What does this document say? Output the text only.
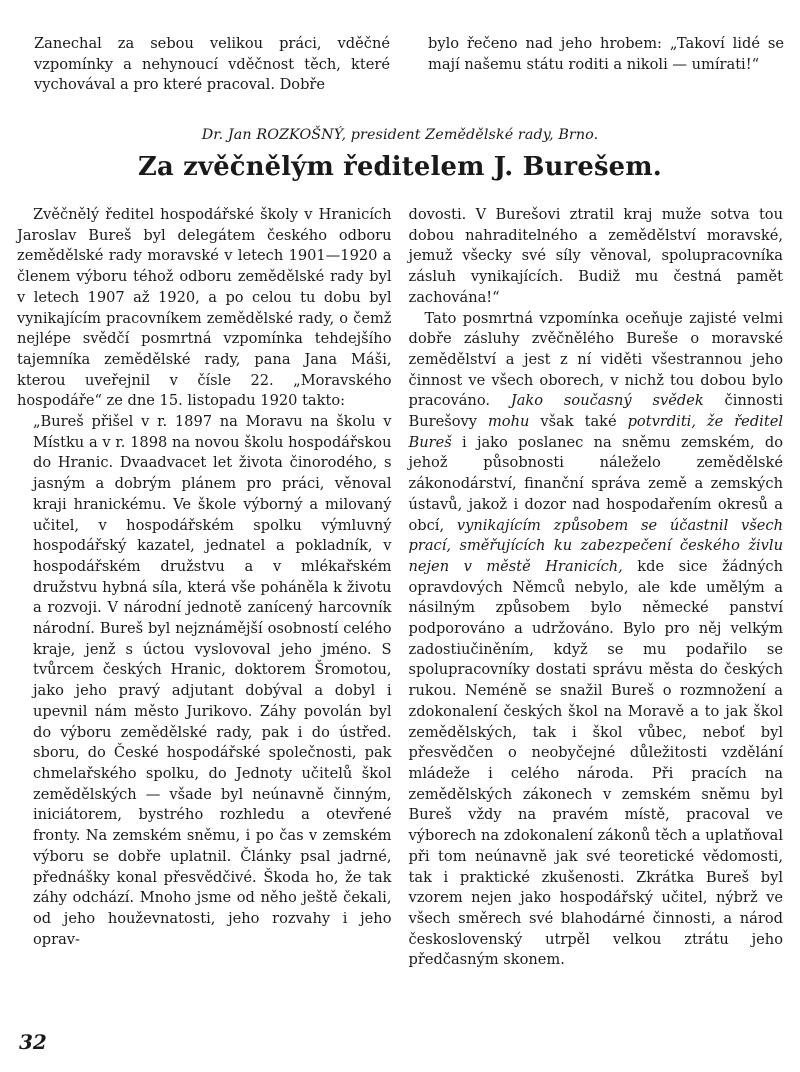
Zanechal za sebou velikou práci, vděčné vzpomínky a nehynoucí vděčnost těch, které vychovával a pro které pracoval. Dobře

bylo řečeno nad jeho hrobem: „Takoví lidé se mají našemu státu roditi a nikoli — umírati!“

Dr. Jan ROZKOŠNÝ, president Zemědělské rady, Brno.
Za zvěčnělým ředitelem J. Burešem.

Zvěčnělý ředitel hospodářské školy v Hranicích Jaroslav Bureš byl delegátem českého odboru zemědělské rady moravské v letech 1901—1920 a členem výboru téhož odboru zemědělské rady byl v letech 1907 až 1920, a po celou tu dobu byl vynikajícím pracovníkem zemědělské rady, o čemž nejlépe svědčí posmrtná vzpomínka tehdejšího tajemníka zemědělské rady, pana Jana Máši, kterou uveřejnil v čísle 22. „Moravského hospodáře“ ze dne 15. listopadu 1920 takto:

„Bureš přišel v r. 1897 na Moravu na školu v Místku a v r. 1898 na novou školu hospodářskou do Hranic. Dvaadvacet let života činorodého, s jasným a dobrým plánem pro práci, věnoval kraji hranickému. Ve škole výborný a milovaný učitel, v hospodářském spolku výmluvný hospodářský kazatel, jednatel a pokladník, v hospodářském družstvu a v mlékařském družstvu hybná síla, která vše poháněla k životu a rozvoji. V národní jednotě zanícený harcovník národní. Bureš byl nejznámější osobností celého kraje, jenž s úctou vyslovoval jeho jméno. S tvůrcem českých Hranic, doktorem Šromotou, jako jeho pravý adjutant dobýval a dobyl i upevnil nám město Jurikovo. Záhy povolán byl do výboru zemědělské rady, pak i do ústřed. sboru, do České hospodářské společnosti, pak chmelařského spolku, do Jednoty učitelů škol zemědělských — všade byl neúnavně činným, iniciátorem, bystrého rozhledu a otevřené fronty. Na zemském sněmu, i po čas v zemském výboru se dobře uplatnil. Články psal jadrné, přednášky konal přesvědčivé. Škoda ho, že tak záhy odchází. Mnoho jsme od něho ještě čekali, od jeho houževnatosti, jeho rozvahy i jeho oprav-

dovosti. V Burešovi ztratil kraj muže sotva tou dobou nahraditelného a zemědělství moravské, jemuž všecky své síly věnoval, spolupracovníka zásluh vynikajících. Budiž mu čestná pamět zachována!“

Tato posmrtná vzpomínka oceňuje zajisté velmi dobře zásluhy zvěčnělého Bureše o moravské zemědělství a jest z ní viděti všestrannou jeho činnost ve všech oborech, v nichž tou dobou bylo pracováno. Jako současný svědek činnosti Burešovy mohu však také potvrditi, že ředitel Bureš i jako poslanec na sněmu zemském, do jehož působnosti náleželo zemědělské zákonodárství, finanční správa země a zemských ústavů, jakož i dozor nad hospodařením okresů a obcí, vynikajícím způsobem se účastnil všech prací, směřujících ku zabezpečení českého živlu nejen v městě Hranicích, kde sice žádných opravdových Němců nebylo, ale kde umělým a násilným způsobem bylo německé panství podporováno a udržováno. Bylo pro něj velkým zadostiučiněním, když se mu podařilo se spolupracovníky dostati správu města do českých rukou. Neméně se snažil Bureš o rozmnožení a zdokonalení českých škol na Moravě a to jak škol zemědělských, tak i škol vůbec, neboť byl přesvědčen o neobyčejné důležitosti vzdělání mládeže i celého národa. Při pracích na zemědělských zákonech v zemském sněmu byl Bureš vždy na pravém místě, pracoval ve výborech na zdokonalení zákonů těch a uplatňoval při tom neúnavně jak své teoretické vědomosti, tak i praktické zkušenosti. Zkrátka Bureš byl vzorem nejen jako hospodářský učitel, nýbrž ve všech směrech své blahodárné činnosti, a národ československý utrpěl velkou ztrátu jeho předčasným skonem.

32
